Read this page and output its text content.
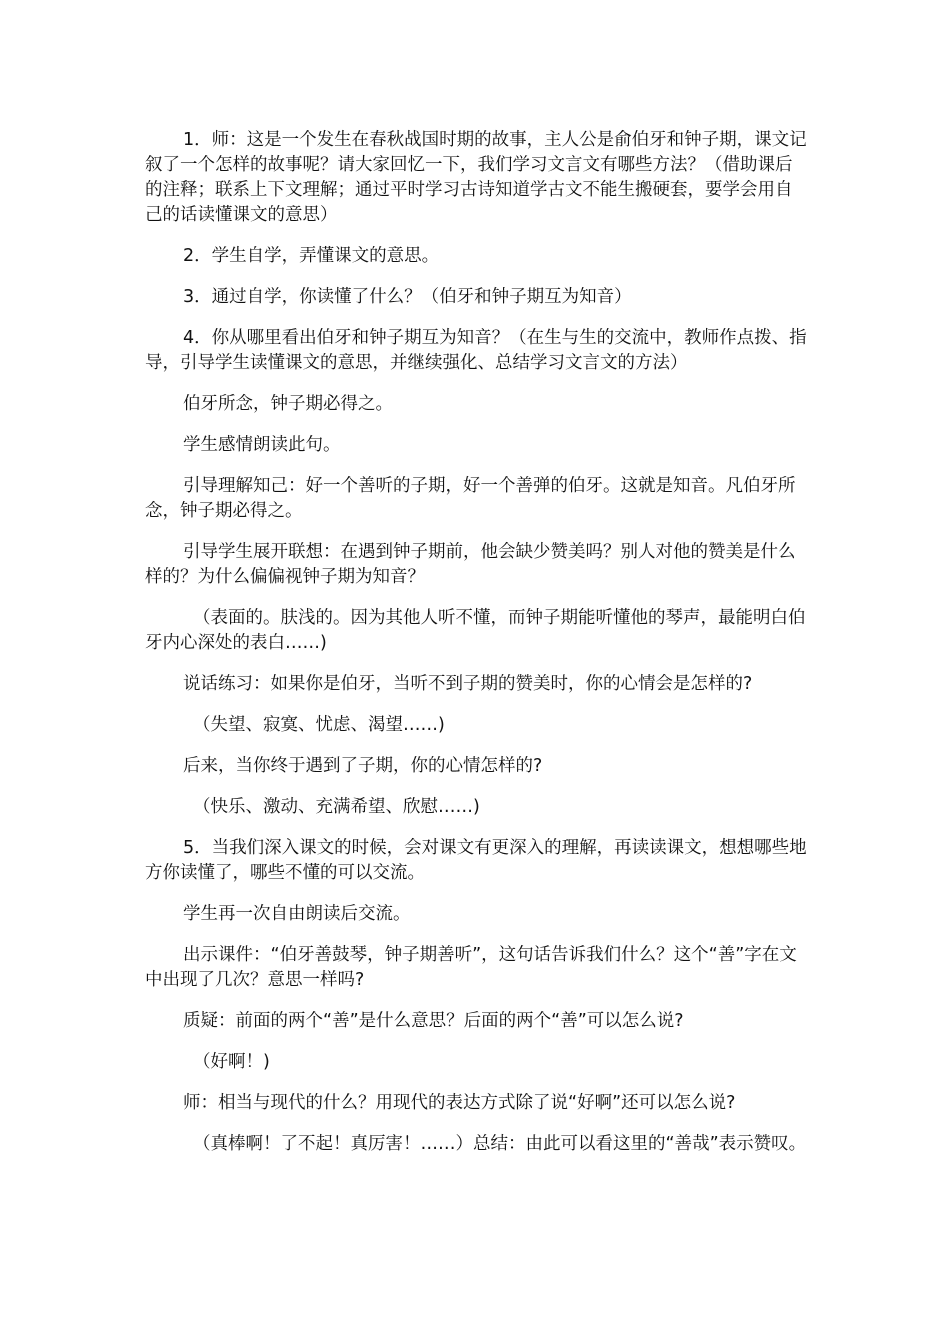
1．师：这是一个发生在春秋战国时期的故事，主人公是俞伯牙和钟子期，课文记叙了一个怎样的故事呢？请大家回忆一下，我们学习文言文有哪些方法？（借助课后的注释；联系上下文理解；通过平时学习古诗知道学古文不能生搬硬套，要学会用自己的话读懂课文的意思）

2．学生自学，弄懂课文的意思。

3．通过自学，你读懂了什么？（伯牙和钟子期互为知音）

4．你从哪里看出伯牙和钟子期互为知音？（在生与生的交流中，教师作点拨、指导，引导学生读懂课文的意思，并继续强化、总结学习文言文的方法）

伯牙所念，钟子期必得之。

学生感情朗读此句。

引导理解知己：好一个善听的子期，好一个善弹的伯牙。这就是知音。凡伯牙所念，钟子期必得之。

引导学生展开联想：在遇到钟子期前，他会缺少赞美吗？别人对他的赞美是什么样的？为什么偏偏视钟子期为知音？

（表面的。肤浅的。因为其他人听不懂，而钟子期能听懂他的琴声，最能明白伯牙内心深处的表白……)

说话练习：如果你是伯牙，当听不到子期的赞美时，你的心情会是怎样的?

（失望、寂寞、忧虑、渴望……)

后来，当你终于遇到了子期，你的心情怎样的?

（快乐、激动、充满希望、欣慰……)

5．当我们深入课文的时候，会对课文有更深入的理解，再读读课文，想想哪些地方你读懂了，哪些不懂的可以交流。

学生再一次自由朗读后交流。

出示课件：“伯牙善鼓琴，钟子期善听”，这句话告诉我们什么？这个“善”字在文中出现了几次？意思一样吗?

质疑：前面的两个“善”是什么意思？后面的两个“善”可以怎么说?

（好啊！)

师：相当与现代的什么？用现代的表达方式除了说“好啊”还可以怎么说?

（真棒啊！了不起！真厉害！……）总结：由此可以看这里的“善哉”表示赞叹。
